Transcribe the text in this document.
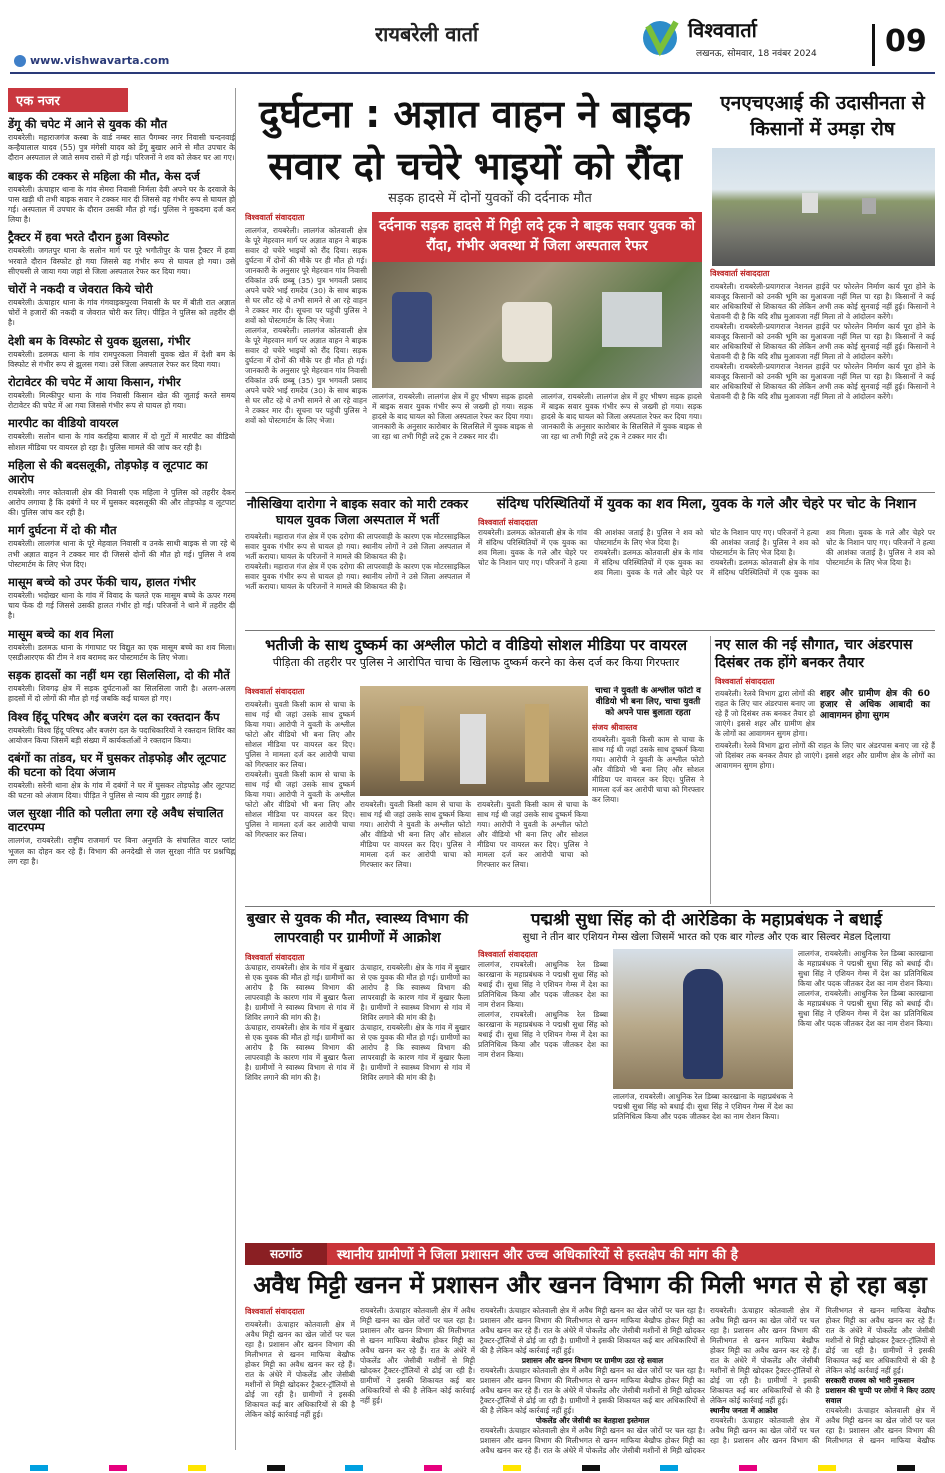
रायबरेली वार्ता	विश्ववार्ता
लखनऊ, सोमवार, 18 नवंबर 2024	09
www.vishwavarta.com
एक नजर
डेंगू की चपेट में आने से युवक की मौत
रायबरेली। महाराजगंज कस्बा के वार्ड नम्बर सात पैगम्बर नगर निवासी चन्दनवाई कन्हैयालाल यादव (55) पुत्र मंगेसी यादव को डेंगू बुखार आने से मौत उपचार के दौरान अस्पताल ले जाते समय रास्ते में हो गई। परिजनों ने शव को लेकर घर आ गए।
बाइक की टक्कर से महिला की मौत, केस दर्ज
रायबरेली। ऊंचाहार थाना के गांव सेमरा निवासी निर्मला देवी अपने घर के दरवाजे के पास खड़ी थी तभी बाइक सवार ने टक्कर मार दी जिससे वह गंभीर रूप से घायल हो गई। अस्पताल में उपचार के दौरान उसकी मौत हो गई। पुलिस ने मुकदमा दर्ज कर लिया है।
ट्रैक्टर में हवा भरते दौरान हुआ विस्फोट
रायबरेली। जगतपुर थाना के सलोन मार्ग पर पूरे भगौतीपुर के पास ट्रैक्टर में हवा भरवाते दौरान विस्फोट हो गया जिससे वह गंभीर रूप से घायल हो गया। उसे सीएचसी ले जाया गया जहां से जिला अस्पताल रेफर कर दिया गया।
चोरों ने नकदी व जेवरात किये चोरी
रायबरेली। ऊंचाहार थाना के गांव गंगवाइकपुरवा निवासी के घर में बीती रात अज्ञात चोरों ने हजारों की नकदी व जेवरात चोरी कर लिए। पीड़ित ने पुलिस को तहरीर दी है।
देशी बम के विस्फोट से युवक झुलसा, गंभीर
रायबरेली। डलमऊ थाना के गांव रामपुरकला निवासी युवक खेत में देशी बम के विस्फोट से गंभीर रूप से झुलस गया। उसे जिला अस्पताल रेफर कर दिया गया।
रोटावेटर की चपेट में आया किसान, गंभीर
रायबरेली। मिल्कीपुर थाना के गांव निवासी किसान खेत की जुताई करते समय रोटावेटर की चपेट में आ गया जिससे गंभीर रूप से घायल हो गया।
मारपीट का वीडियो वायरल
रायबरेली। सलोन थाना के गांव करहिया बाजार में दो गुटों में मारपीट का वीडियो सोशल मीडिया पर वायरल हो रहा है। पुलिस मामले की जांच कर रही है।
महिला से की बदसलूकी, तोड़फोड़ व लूटपाट का आरोप
रायबरेली। नगर कोतवाली क्षेत्र की निवासी एक महिला ने पुलिस को तहरीर देकर आरोप लगाया है कि दबंगों ने घर में घुसकर बदसलूकी की और तोड़फोड़ व लूटपाट की। पुलिस जांच कर रही है।
मार्ग दुर्घटना में दो की मौत
रायबरेली। लालगंज थाना के पूरे मेहवाल निवासी व उनके साथी बाइक से जा रहे थे तभी अज्ञात वाहन ने टक्कर मार दी जिससे दोनों की मौत हो गई। पुलिस ने शव पोस्टमार्टम के लिए भेज दिए।
मासूम बच्चे को उपर फेंकी चाय, हालत गंभीर
रायबरेली। भदोखर थाना के गांव में विवाद के चलते एक मासूम बच्चे के ऊपर गरम चाय फेंक दी गई जिससे उसकी हालत गंभीर हो गई। परिजनों ने थाने में तहरीर दी है।
मासूम बच्चे का शव मिला
रायबरेली। डलमऊ थाना के गंगाघाट पर विद्युत का एक मासूम बच्चे का शव मिला। एसडीआरएफ की टीम ने शव बरामद कर पोस्टमार्टम के लिए भेजा।
सड़क हादसों का नहीं थम रहा सिलसिला, दो की मौतें
रायबरेली। शिवगढ़ क्षेत्र में सड़क दुर्घटनाओं का सिलसिला जारी है। अलग-अलग हादसों में दो लोगों की मौत हो गई जबकि कई घायल हो गए।
विश्व हिंदू परिषद और बजरंग दल का रक्तदान कैंप
रायबरेली। विश्व हिंदू परिषद और बजरंग दल के पदाधिकारियों ने रक्तदान शिविर का आयोजन किया जिसमें बड़ी संख्या में कार्यकर्ताओं ने रक्तदान किया।
दबंगों का तांडव, घर में घुसकर तोड़फोड़ और लूटपाट की घटना को दिया अंजाम
रायबरेली। सरेनी थाना क्षेत्र के गांव में दबंगों ने घर में घुसकर तोड़फोड़ और लूटपाट की घटना को अंजाम दिया। पीड़ित ने पुलिस से न्याय की गुहार लगाई है।
जल सुरक्षा नीति को पलीता लगा रहे अवैध संचालित वाटरपम्प
लालगंज, रायबरेली। राष्ट्रीय राजमार्ग पर बिना अनुमति के संचालित वाटर प्लांट भूजल का दोहन कर रहे हैं। विभाग की अनदेखी से जल सुरक्षा नीति पर प्रश्नचिह्न लग रहा है।
दुर्घटना : अज्ञात वाहन ने बाइक सवार दो चचेरे भाइयों को रौंदा
सड़क हादसे में दोनों युवकों की दर्दनाक मौत
विश्ववार्ता संवाददाता
लालगंज, रायबरेली। लालगंज कोतवाली क्षेत्र के पूरे मेहरवान मार्ग पर अज्ञात वाहन ने बाइक सवार दो चचेरे भाइयों को रौंद दिया। सड़क दुर्घटना में दोनों की मौके पर ही मौत हो गई। जानकारी के अनुसार पूरे मेहरवान गांव निवासी रविकांत उर्फ छब्बू (35) पुत्र भगवती प्रसाद अपने चचेरे भाई रामदेव (30) के साथ बाइक से घर लौट रहे थे तभी सामने से आ रहे वाहन ने टक्कर मार दी। सूचना पर पहुंची पुलिस ने शवों को पोस्टमार्टम के लिए भेजा।
लालगंज, रायबरेली। लालगंज कोतवाली क्षेत्र के पूरे मेहरवान मार्ग पर अज्ञात वाहन ने बाइक सवार दो चचेरे भाइयों को रौंद दिया। सड़क दुर्घटना में दोनों की मौके पर ही मौत हो गई। जानकारी के अनुसार पूरे मेहरवान गांव निवासी रविकांत उर्फ छब्बू (35) पुत्र भगवती प्रसाद अपने चचेरे भाई रामदेव (30) के साथ बाइक से घर लौट रहे थे तभी सामने से आ रहे वाहन ने टक्कर मार दी। सूचना पर पहुंची पुलिस ने शवों को पोस्टमार्टम के लिए भेजा।
एनएचएआई की उदासीनता से किसानों में उमड़ा रोष
विश्ववार्ता संवाददाता
रायबरेली। रायबरेली-प्रयागराज नेशनल हाईवे पर फोरलेन निर्माण कार्य पूरा होने के बावजूद किसानों को उनकी भूमि का मुआवजा नहीं मिल पा रहा है। किसानों ने कई बार अधिकारियों से शिकायत की लेकिन अभी तक कोई सुनवाई नहीं हुई। किसानों ने चेतावनी दी है कि यदि शीघ्र मुआवजा नहीं मिला तो वे आंदोलन करेंगे।
रायबरेली। रायबरेली-प्रयागराज नेशनल हाईवे पर फोरलेन निर्माण कार्य पूरा होने के बावजूद किसानों को उनकी भूमि का मुआवजा नहीं मिल पा रहा है। किसानों ने कई बार अधिकारियों से शिकायत की लेकिन अभी तक कोई सुनवाई नहीं हुई। किसानों ने चेतावनी दी है कि यदि शीघ्र मुआवजा नहीं मिला तो वे आंदोलन करेंगे।
रायबरेली। रायबरेली-प्रयागराज नेशनल हाईवे पर फोरलेन निर्माण कार्य पूरा होने के बावजूद किसानों को उनकी भूमि का मुआवजा नहीं मिल पा रहा है। किसानों ने कई बार अधिकारियों से शिकायत की लेकिन अभी तक कोई सुनवाई नहीं हुई। किसानों ने चेतावनी दी है कि यदि शीघ्र मुआवजा नहीं मिला तो वे आंदोलन करेंगे।
दर्दनाक सड़क हादसे में गिट्टी लदे ट्रक ने बाइक सवार युवक को रौंदा, गंभीर अवस्था में जिला अस्पताल रेफर
लालगंज, रायबरेली। लालगंज क्षेत्र में हुए भीषण सड़क हादसे में बाइक सवार युवक गंभीर रूप से जख्मी हो गया। सड़क हादसे के बाद घायल को जिला अस्पताल रेफर कर दिया गया। जानकारी के अनुसार कारोबार के सिलसिले में युवक बाइक से जा रहा था तभी गिट्टी लदे ट्रक ने टक्कर मार दी।
लालगंज, रायबरेली। लालगंज क्षेत्र में हुए भीषण सड़क हादसे में बाइक सवार युवक गंभीर रूप से जख्मी हो गया। सड़क हादसे के बाद घायल को जिला अस्पताल रेफर कर दिया गया। जानकारी के अनुसार कारोबार के सिलसिले में युवक बाइक से जा रहा था तभी गिट्टी लदे ट्रक ने टक्कर मार दी।
नौसिखिया दारोगा ने बाइक सवार को मारी टक्कर घायल युवक जिला अस्पताल में भर्ती
रायबरेली। महाराज गंज क्षेत्र में एक दरोगा की लापरवाही के कारण एक मोटरसाइकिल सवार युवक गंभीर रूप से घायल हो गया। स्थानीय लोगों ने उसे जिला अस्पताल में भर्ती कराया। घायल के परिजनों ने मामले की शिकायत की है।
रायबरेली। महाराज गंज क्षेत्र में एक दरोगा की लापरवाही के कारण एक मोटरसाइकिल सवार युवक गंभीर रूप से घायल हो गया। स्थानीय लोगों ने उसे जिला अस्पताल में भर्ती कराया। घायल के परिजनों ने मामले की शिकायत की है।
संदिग्ध परिस्थितियों में युवक का शव मिला, युवक के गले और चेहरे पर चोट के निशान
विश्ववार्ता संवाददाता
रायबरेली। डलमऊ कोतवाली क्षेत्र के गांव में संदिग्ध परिस्थितियों में एक युवक का शव मिला। युवक के गले और चेहरे पर चोट के निशान पाए गए। परिजनों ने हत्या की आशंका जताई है। पुलिस ने शव को पोस्टमार्टम के लिए भेज दिया है।
रायबरेली। डलमऊ कोतवाली क्षेत्र के गांव में संदिग्ध परिस्थितियों में एक युवक का शव मिला। युवक के गले और चेहरे पर चोट के निशान पाए गए। परिजनों ने हत्या की आशंका जताई है। पुलिस ने शव को पोस्टमार्टम के लिए भेज दिया है।
रायबरेली। डलमऊ कोतवाली क्षेत्र के गांव में संदिग्ध परिस्थितियों में एक युवक का शव मिला। युवक के गले और चेहरे पर चोट के निशान पाए गए। परिजनों ने हत्या की आशंका जताई है। पुलिस ने शव को पोस्टमार्टम के लिए भेज दिया है।
भतीजी के साथ दुष्कर्म का अश्लील फोटो व वीडियो सोशल मीडिया पर वायरल
पीड़िता की तहरीर पर पुलिस ने आरोपित चाचा के खिलाफ दुष्कर्म करने का केस दर्ज कर किया गिरफ्तार
विश्ववार्ता संवाददाता
रायबरेली। युवती किसी काम से चाचा के साथ गई थी जहां उसके साथ दुष्कर्म किया गया। आरोपी ने युवती के अश्लील फोटो और वीडियो भी बना लिए और सोशल मीडिया पर वायरल कर दिए। पुलिस ने मामला दर्ज कर आरोपी चाचा को गिरफ्तार कर लिया।
रायबरेली। युवती किसी काम से चाचा के साथ गई थी जहां उसके साथ दुष्कर्म किया गया। आरोपी ने युवती के अश्लील फोटो और वीडियो भी बना लिए और सोशल मीडिया पर वायरल कर दिए। पुलिस ने मामला दर्ज कर आरोपी चाचा को गिरफ्तार कर लिया।
रायबरेली। युवती किसी काम से चाचा के साथ गई थी जहां उसके साथ दुष्कर्म किया गया। आरोपी ने युवती के अश्लील फोटो और वीडियो भी बना लिए और सोशल मीडिया पर वायरल कर दिए। पुलिस ने मामला दर्ज कर आरोपी चाचा को गिरफ्तार कर लिया।
रायबरेली। युवती किसी काम से चाचा के साथ गई थी जहां उसके साथ दुष्कर्म किया गया। आरोपी ने युवती के अश्लील फोटो और वीडियो भी बना लिए और सोशल मीडिया पर वायरल कर दिए। पुलिस ने मामला दर्ज कर आरोपी चाचा को गिरफ्तार कर लिया।
चाचा ने युवती के अश्लील फोटो व वीडियो भी बना लिए, चाचा युवती को अपने पास बुलाता रहता
संजय श्रीवास्तव
रायबरेली। युवती किसी काम से चाचा के साथ गई थी जहां उसके साथ दुष्कर्म किया गया। आरोपी ने युवती के अश्लील फोटो और वीडियो भी बना लिए और सोशल मीडिया पर वायरल कर दिए। पुलिस ने मामला दर्ज कर आरोपी चाचा को गिरफ्तार कर लिया।
नए साल की नई सौगात, चार अंडरपास दिसंबर तक होंगे बनकर तैयार
विश्ववार्ता संवाददाता
रायबरेली। रेलवे विभाग द्वारा लोगों की राहत के लिए चार अंडरपास बनाए जा रहे हैं जो दिसंबर तक बनकर तैयार हो जाएंगे। इससे शहर और ग्रामीण क्षेत्र के लोगों का आवागमन सुगम होगा।
शहर और ग्रामीण क्षेत्र की 60 हजार से अधिक आबादी का आवागमन होगा सुगम
रायबरेली। रेलवे विभाग द्वारा लोगों की राहत के लिए चार अंडरपास बनाए जा रहे हैं जो दिसंबर तक बनकर तैयार हो जाएंगे। इससे शहर और ग्रामीण क्षेत्र के लोगों का आवागमन सुगम होगा।
बुखार से युवक की मौत, स्वास्थ्य विभाग की लापरवाही पर ग्रामीणों में आक्रोश
विश्ववार्ता संवाददाता
ऊंचाहार, रायबरेली। क्षेत्र के गांव में बुखार से एक युवक की मौत हो गई। ग्रामीणों का आरोप है कि स्वास्थ्य विभाग की लापरवाही के कारण गांव में बुखार फैला है। ग्रामीणों ने स्वास्थ्य विभाग से गांव में शिविर लगाने की मांग की है।
ऊंचाहार, रायबरेली। क्षेत्र के गांव में बुखार से एक युवक की मौत हो गई। ग्रामीणों का आरोप है कि स्वास्थ्य विभाग की लापरवाही के कारण गांव में बुखार फैला है। ग्रामीणों ने स्वास्थ्य विभाग से गांव में शिविर लगाने की मांग की है।
ऊंचाहार, रायबरेली। क्षेत्र के गांव में बुखार से एक युवक की मौत हो गई। ग्रामीणों का आरोप है कि स्वास्थ्य विभाग की लापरवाही के कारण गांव में बुखार फैला है। ग्रामीणों ने स्वास्थ्य विभाग से गांव में शिविर लगाने की मांग की है।
ऊंचाहार, रायबरेली। क्षेत्र के गांव में बुखार से एक युवक की मौत हो गई। ग्रामीणों का आरोप है कि स्वास्थ्य विभाग की लापरवाही के कारण गांव में बुखार फैला है। ग्रामीणों ने स्वास्थ्य विभाग से गांव में शिविर लगाने की मांग की है।
पद्मश्री सुधा सिंह को दी आरेडिका के महाप्रबंधक ने बधाई
सुधा ने तीन बार एशियन गेम्स खेला जिसमें भारत को एक बार गोल्ड और एक बार सिल्वर मेडल दिलाया
विश्ववार्ता संवाददाता
लालगंज, रायबरेली। आधुनिक रेल डिब्बा कारखाना के महाप्रबंधक ने पद्मश्री सुधा सिंह को बधाई दी। सुधा सिंह ने एशियन गेम्स में देश का प्रतिनिधित्व किया और पदक जीतकर देश का नाम रोशन किया।
लालगंज, रायबरेली। आधुनिक रेल डिब्बा कारखाना के महाप्रबंधक ने पद्मश्री सुधा सिंह को बधाई दी। सुधा सिंह ने एशियन गेम्स में देश का प्रतिनिधित्व किया और पदक जीतकर देश का नाम रोशन किया।
लालगंज, रायबरेली। आधुनिक रेल डिब्बा कारखाना के महाप्रबंधक ने पद्मश्री सुधा सिंह को बधाई दी। सुधा सिंह ने एशियन गेम्स में देश का प्रतिनिधित्व किया और पदक जीतकर देश का नाम रोशन किया।
लालगंज, रायबरेली। आधुनिक रेल डिब्बा कारखाना के महाप्रबंधक ने पद्मश्री सुधा सिंह को बधाई दी। सुधा सिंह ने एशियन गेम्स में देश का प्रतिनिधित्व किया और पदक जीतकर देश का नाम रोशन किया।
लालगंज, रायबरेली। आधुनिक रेल डिब्बा कारखाना के महाप्रबंधक ने पद्मश्री सुधा सिंह को बधाई दी। सुधा सिंह ने एशियन गेम्स में देश का प्रतिनिधित्व किया और पदक जीतकर देश का नाम रोशन किया।
सठगांठ	स्थानीय ग्रामीणों ने जिला प्रशासन और उच्च अधिकारियों से हस्तक्षेप की मांग की है
अवैध मिट्टी खनन में प्रशासन और खनन विभाग की मिली भगत से हो रहा बड़ा
विश्ववार्ता संवाददाता
रायबरेली। ऊंचाहार कोतवाली क्षेत्र में अवैध मिट्टी खनन का खेल जोरों पर चल रहा है। प्रशासन और खनन विभाग की मिलीभगत से खनन माफिया बेखौफ होकर मिट्टी का अवैध खनन कर रहे हैं। रात के अंधेरे में पोकलेंड और जेसीबी मशीनों से मिट्टी खोदकर ट्रैक्टर-ट्रॉलियों से ढोई जा रही है। ग्रामीणों ने इसकी शिकायत कई बार अधिकारियों से की है लेकिन कोई कार्रवाई नहीं हुई।
रायबरेली। ऊंचाहार कोतवाली क्षेत्र में अवैध मिट्टी खनन का खेल जोरों पर चल रहा है। प्रशासन और खनन विभाग की मिलीभगत से खनन माफिया बेखौफ होकर मिट्टी का अवैध खनन कर रहे हैं। रात के अंधेरे में पोकलेंड और जेसीबी मशीनों से मिट्टी खोदकर ट्रैक्टर-ट्रॉलियों से ढोई जा रही है। ग्रामीणों ने इसकी शिकायत कई बार अधिकारियों से की है लेकिन कोई कार्रवाई नहीं हुई।
रायबरेली। ऊंचाहार कोतवाली क्षेत्र में अवैध मिट्टी खनन का खेल जोरों पर चल रहा है। प्रशासन और खनन विभाग की मिलीभगत से खनन माफिया बेखौफ होकर मिट्टी का अवैध खनन कर रहे हैं। रात के अंधेरे में पोकलेंड और जेसीबी मशीनों से मिट्टी खोदकर ट्रैक्टर-ट्रॉलियों से ढोई जा रही है। ग्रामीणों ने इसकी शिकायत कई बार अधिकारियों से की है लेकिन कोई कार्रवाई नहीं हुई।
प्रशासन और खनन विभाग पर ग्रामीण उठा रहे सवाल
रायबरेली। ऊंचाहार कोतवाली क्षेत्र में अवैध मिट्टी खनन का खेल जोरों पर चल रहा है। प्रशासन और खनन विभाग की मिलीभगत से खनन माफिया बेखौफ होकर मिट्टी का अवैध खनन कर रहे हैं। रात के अंधेरे में पोकलेंड और जेसीबी मशीनों से मिट्टी खोदकर ट्रैक्टर-ट्रॉलियों से ढोई जा रही है। ग्रामीणों ने इसकी शिकायत कई बार अधिकारियों से की है लेकिन कोई कार्रवाई नहीं हुई।
पोकलेंड और जेसीबी का बेतहाशा इस्तेमाल
रायबरेली। ऊंचाहार कोतवाली क्षेत्र में अवैध मिट्टी खनन का खेल जोरों पर चल रहा है। प्रशासन और खनन विभाग की मिलीभगत से खनन माफिया बेखौफ होकर मिट्टी का अवैध खनन कर रहे हैं। रात के अंधेरे में पोकलेंड और जेसीबी मशीनों से मिट्टी खोदकर
रायबरेली। ऊंचाहार कोतवाली क्षेत्र में अवैध मिट्टी खनन का खेल जोरों पर चल रहा है। प्रशासन और खनन विभाग की मिलीभगत से खनन माफिया बेखौफ होकर मिट्टी का अवैध खनन कर रहे हैं। रात के अंधेरे में पोकलेंड और जेसीबी मशीनों से मिट्टी खोदकर ट्रैक्टर-ट्रॉलियों से ढोई जा रही है। ग्रामीणों ने इसकी शिकायत कई बार अधिकारियों से की है लेकिन कोई कार्रवाई नहीं हुई।
स्थानीय जनता में आक्रोश
रायबरेली। ऊंचाहार कोतवाली क्षेत्र में अवैध मिट्टी खनन का खेल जोरों पर चल रहा है। प्रशासन और खनन विभाग की मिलीभगत से खनन माफिया बेखौफ होकर मिट्टी का अवैध खनन कर रहे हैं। रात के अंधेरे में पोकलेंड और जेसीबी मशीनों से मिट्टी खोदकर ट्रैक्टर-ट्रॉलियों से ढोई जा रही है। ग्रामीणों ने इसकी शिकायत कई बार अधिकारियों से की है लेकिन कोई कार्रवाई नहीं हुई।
सरकारी राजस्व को भारी नुकसान
प्रशासन की चुप्पी पर लोगों ने किए उठाए सवाल
रायबरेली। ऊंचाहार कोतवाली क्षेत्र में अवैध मिट्टी खनन का खेल जोरों पर चल रहा है। प्रशासन और खनन विभाग की मिलीभगत से खनन माफिया बेखौफ
